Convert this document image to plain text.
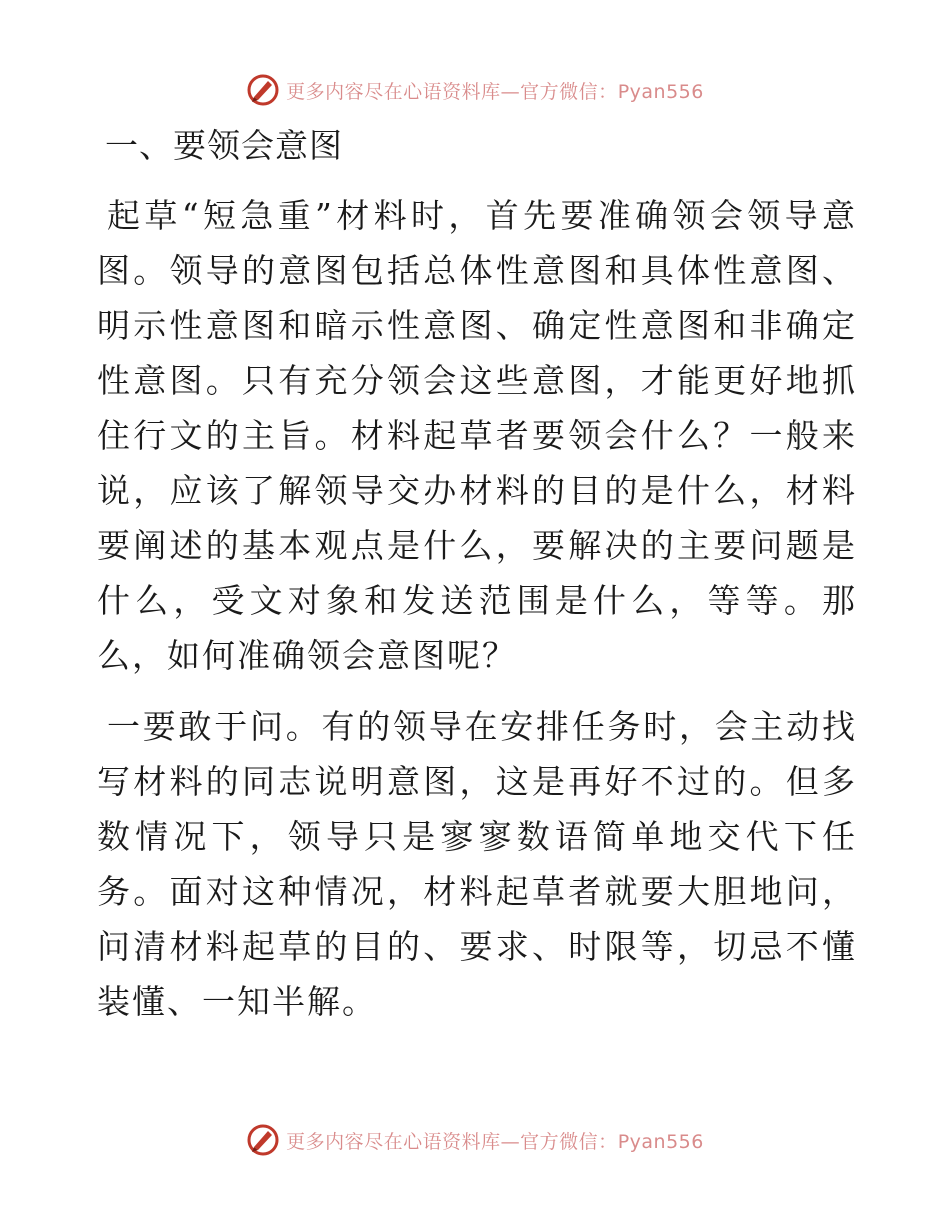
更多内容尽在心语资料库—官方微信：Pyan556
一、要领会意图

起草“短急重”材料时，首先要准确领会领导意图。领导的意图包括总体性意图和具体性意图、明示性意图和暗示性意图、确定性意图和非确定性意图。只有充分领会这些意图，才能更好地抓住行文的主旨。材料起草者要领会什么？一般来说，应该了解领导交办材料的目的是什么，材料要阐述的基本观点是什么，要解决的主要问题是什么，受文对象和发送范围是什么，等等。那么，如何准确领会意图呢？

一要敢于问。有的领导在安排任务时，会主动找写材料的同志说明意图，这是再好不过的。但多数情况下，领导只是寥寥数语简单地交代下任务。面对这种情况，材料起草者就要大胆地问，问清材料起草的目的、要求、时限等，切忌不懂装懂、一知半解。

更多内容尽在心语资料库—官方微信：Pyan556
